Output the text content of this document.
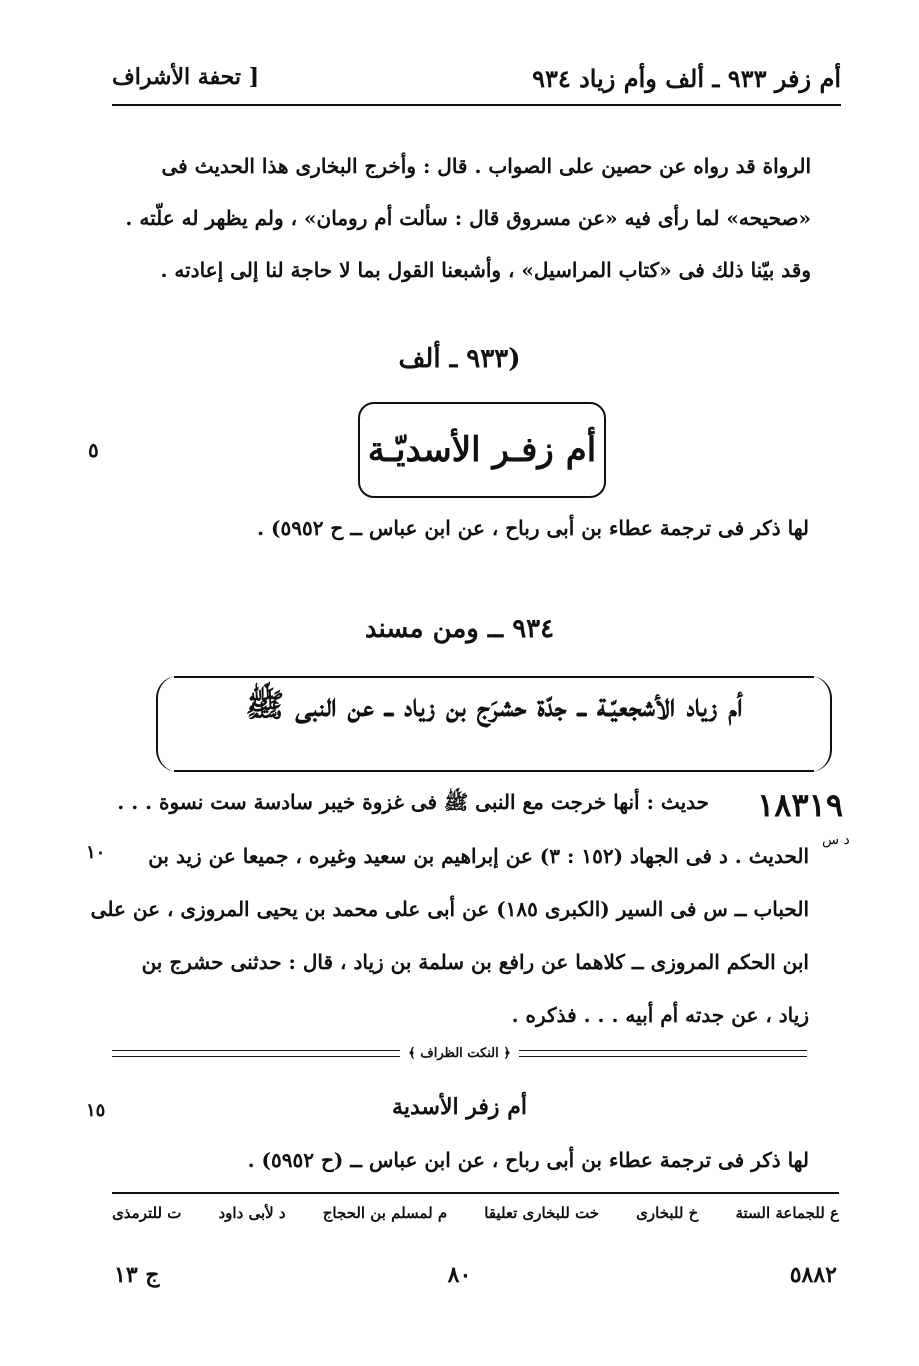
أم زفر ٩٣٣ ـ ألف وأم زياد ٩٣٤
[ تحفة الأشراف
الرواة قد رواه عن حصين على الصواب . قال : وأخرج البخارى هذا الحديث فى
«صحيحه» لما رأى فيه «عن مسروق قال : سألت أم رومان» ، ولم يظهر له علّته .
وقد بيّنا ذلك فى «كتاب المراسيل» ، وأشبعنا القول بما لا حاجة لنا إلى إعادته .
(٩٣٣ ـ ألف
أم زفـر الأسديّـة
٥
لها ذكر فى ترجمة عطاء بن أبى رباح ، عن ابن عباس ــ ح ٥٩٥٢) .
٩٣٤ ــ ومن مسند
أم زياد الأشجعيّـة ــ جدّة حشرَج بن زياد ــ عن النبى ﷺ
١٨٣١٩
حديث : أنها خرجت مع النبى ﷺ فى غزوة خيبر سادسة ست نسوة . . .
د س
١٠	الحديث . د فى الجهاد (١٥٢ : ٣) عن إبراهيم بن سعيد وغيره ، جميعا عن زيد بن
الحباب ــ س فى السير (الكبرى ١٨٥) عن أبى على محمد بن يحيى المروزى ، عن على
ابن الحكم المروزى ــ كلاهما عن رافع بن سلمة بن زياد ، قال : حدثنى حشرج بن
زياد ، عن جدته أم أبيه . . . فذكره .
﴿ النكت الظراف ﴾
أم زفر الأسدية
١٥
لها ذكر فى ترجمة عطاء بن أبى رباح ، عن ابن عباس ــ (ح ٥٩٥٢) .
ع للجماعة الستة
خ للبخارى
خت للبخارى تعليقا
م لمسلم بن الحجاج
د لأبى داود
ت للترمذى
٥٨٨٢
٨٠
ج ١٣
